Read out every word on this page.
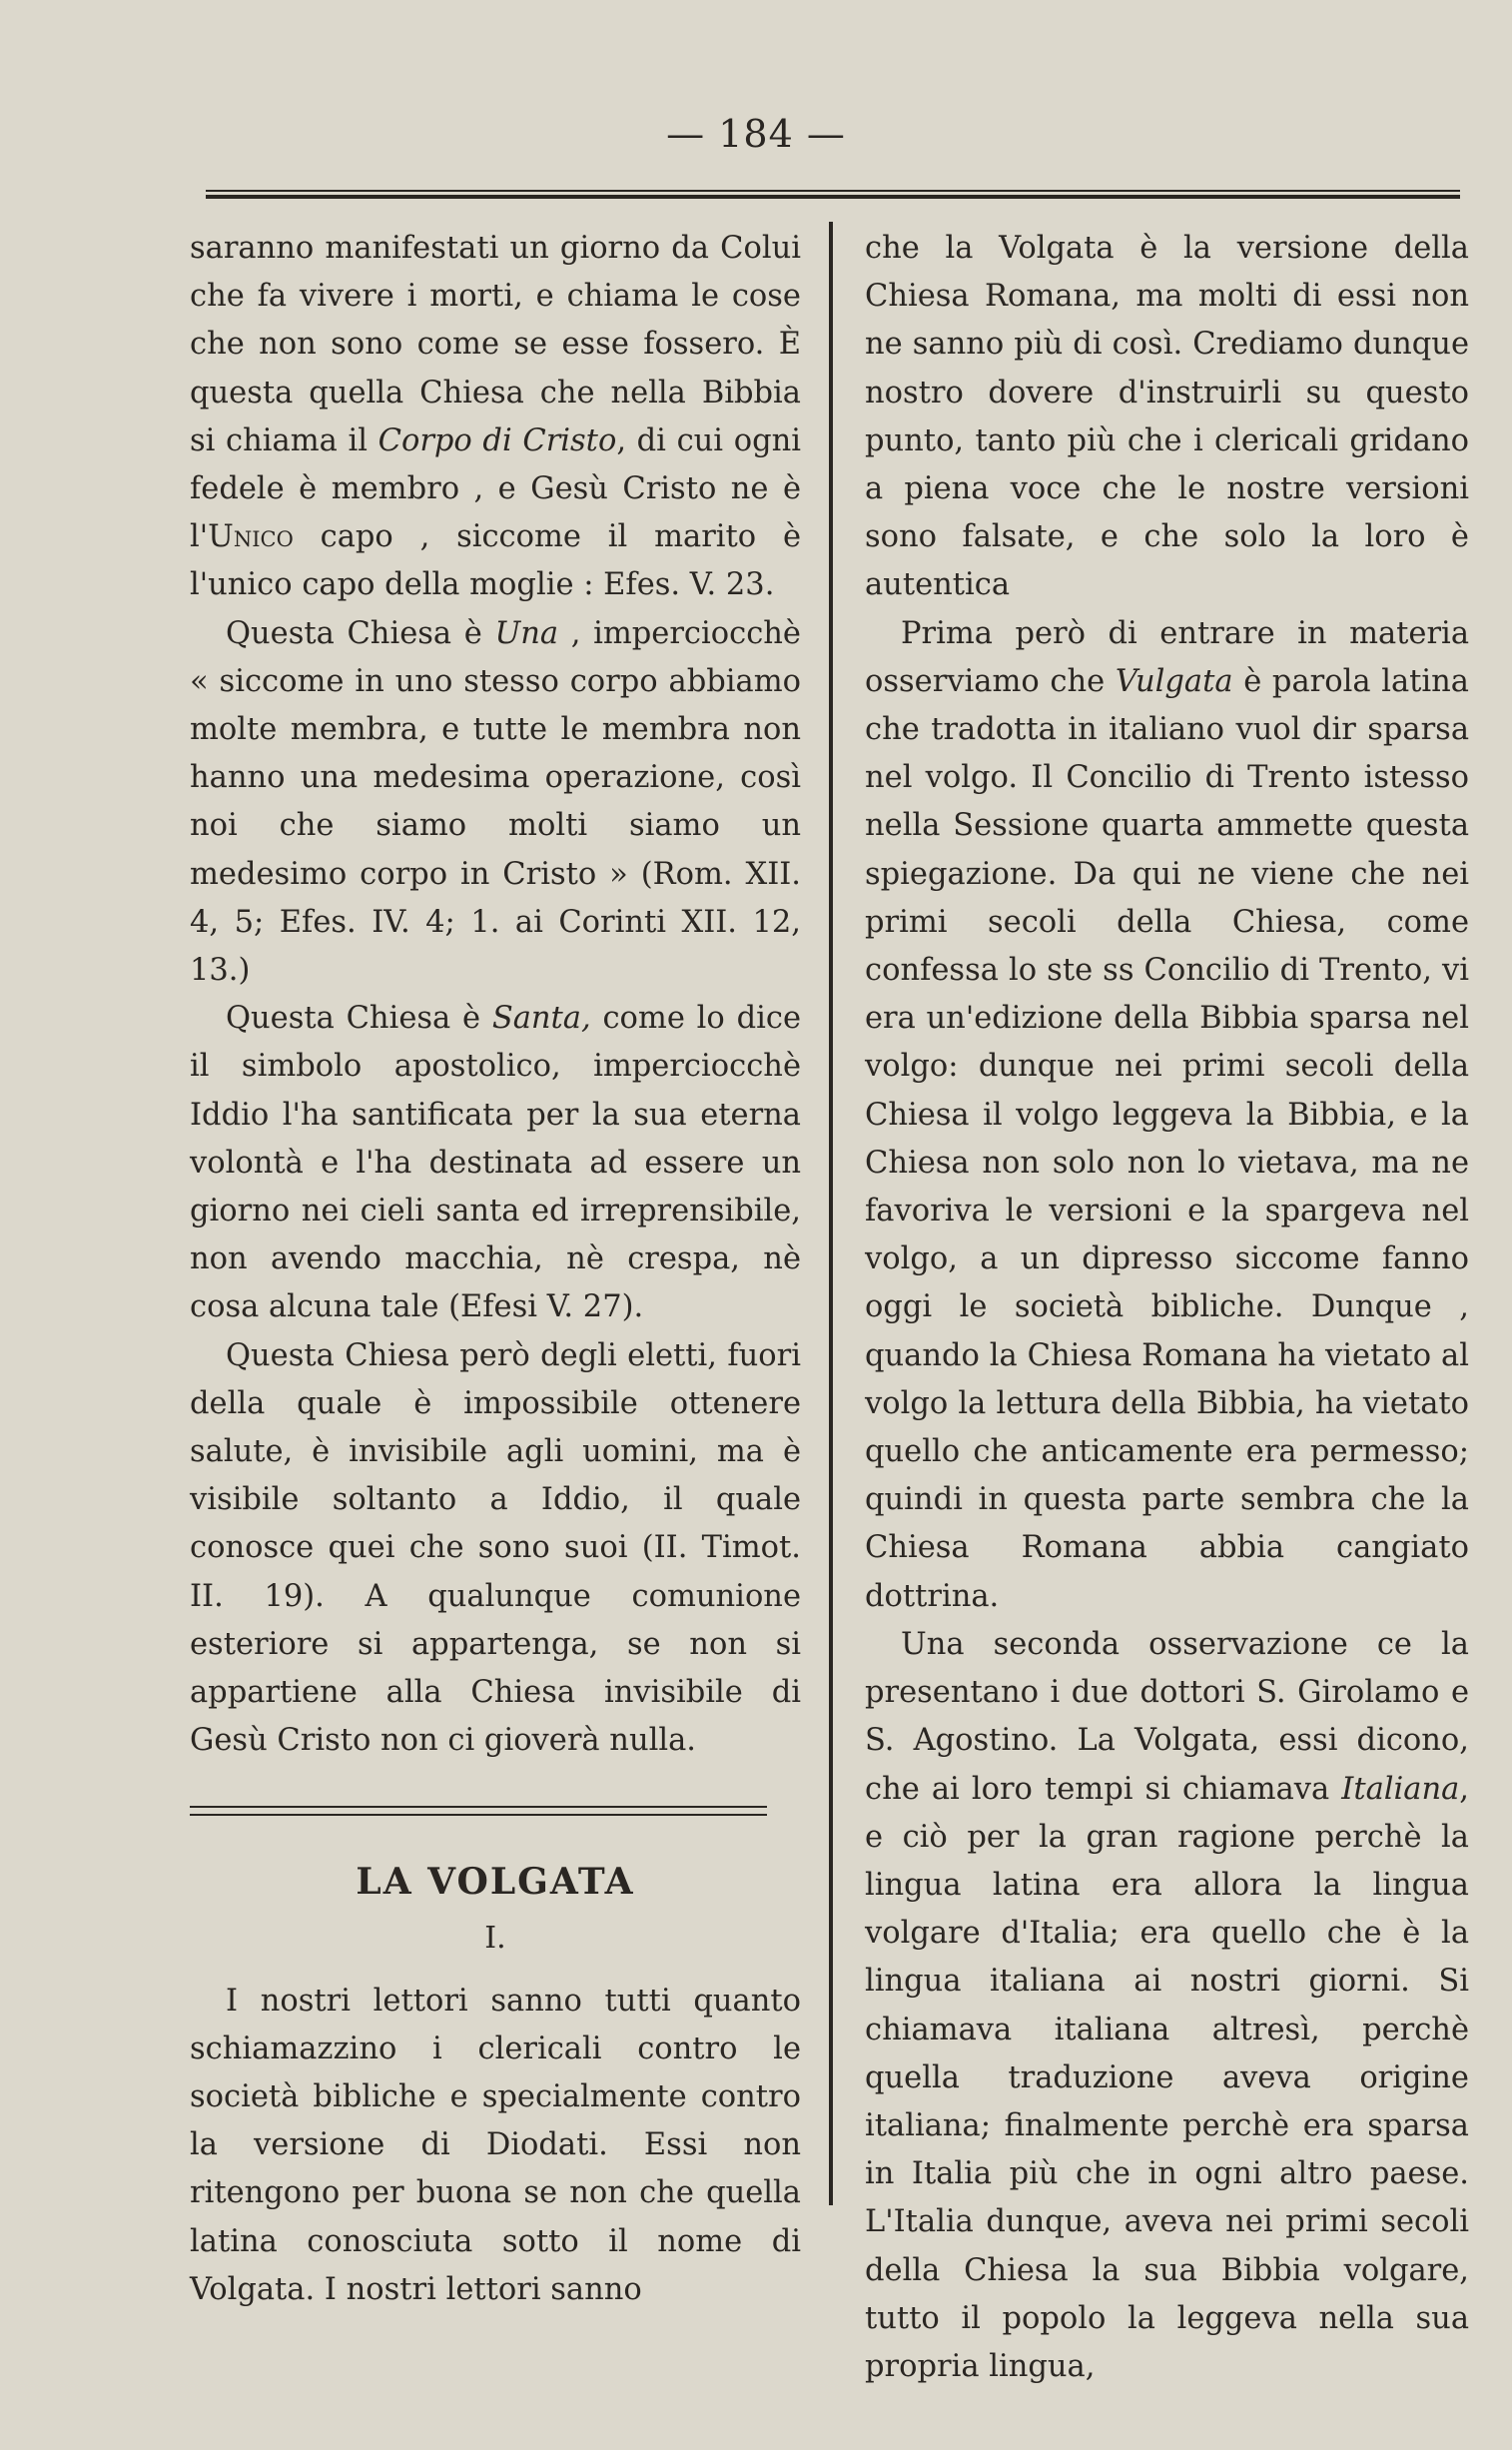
— 184 —

saranno manifestati un giorno da Colui che fa vivere i morti, e chiama le cose che non sono come se esse fossero. È questa quella Chiesa che nella Bibbia si chiama il Corpo di Cristo, di cui ogni fedele è membro , e Gesù Cristo ne è l'Unico capo , siccome il marito è l'unico capo della moglie : Efes. V. 23.

Questa Chiesa è Una , imperciocchè « siccome in uno stesso corpo abbiamo molte membra, e tutte le membra non hanno una medesima operazione, così noi che siamo molti siamo un medesimo corpo in Cristo » (Rom. XII. 4, 5; Efes. IV. 4; 1. ai Corinti XII. 12, 13.)

Questa Chiesa è Santa, come lo dice il simbolo apostolico, imperciocchè Iddio l'ha santificata per la sua eterna volontà e l'ha destinata ad essere un giorno nei cieli santa ed irreprensibile, non avendo macchia, nè crespa, nè cosa alcuna tale (Efesi V. 27).

Questa Chiesa però degli eletti, fuori della quale è impossibile ottenere salute, è invisibile agli uomini, ma è visibile soltanto a Iddio, il quale conosce quei che sono suoi (II. Timot. II. 19). A qualunque comunione esteriore si appartenga, se non si appartiene alla Chiesa invisibile di Gesù Cristo non ci gioverà nulla.

LA VOLGATA
I.

I nostri lettori sanno tutti quanto schiamazzino i clericali contro le società bibliche e specialmente contro la versione di Diodati. Essi non ritengono per buona se non che quella latina conosciuta sotto il nome di Volgata. I nostri lettori sanno

che la Volgata è la versione della Chiesa Romana, ma molti di essi non ne sanno più di così. Crediamo dunque nostro dovere d'instruirli su questo punto, tanto più che i clericali gridano a piena voce che le nostre versioni sono falsate, e che solo la loro è autentica

Prima però di entrare in materia osserviamo che Vulgata è parola latina che tradotta in italiano vuol dir sparsa nel volgo. Il Concilio di Trento istesso nella Sessione quarta ammette questa spiegazione. Da qui ne viene che nei primi secoli della Chiesa, come confessa lo ste ss Concilio di Trento, vi era un'edizione della Bibbia sparsa nel volgo: dunque nei primi secoli della Chiesa il volgo leggeva la Bibbia, e la Chiesa non solo non lo vietava, ma ne favoriva le versioni e la spargeva nel volgo, a un dipresso siccome fanno oggi le società bibliche. Dunque , quando la Chiesa Romana ha vietato al volgo la lettura della Bibbia, ha vietato quello che anticamente era permesso; quindi in questa parte sembra che la Chiesa Romana abbia cangiato dottrina.

Una seconda osservazione ce la presentano i due dottori S. Girolamo e S. Agostino. La Volgata, essi dicono, che ai loro tempi si chiamava Italiana, e ciò per la gran ragione perchè la lingua latina era allora la lingua volgare d'Italia; era quello che è la lingua italiana ai nostri giorni. Si chiamava italiana altresì, perchè quella traduzione aveva origine italiana; finalmente perchè era sparsa in Italia più che in ogni altro paese. L'Italia dunque, aveva nei primi secoli della Chiesa la sua Bibbia volgare, tutto il popolo la leggeva nella sua propria lingua,
